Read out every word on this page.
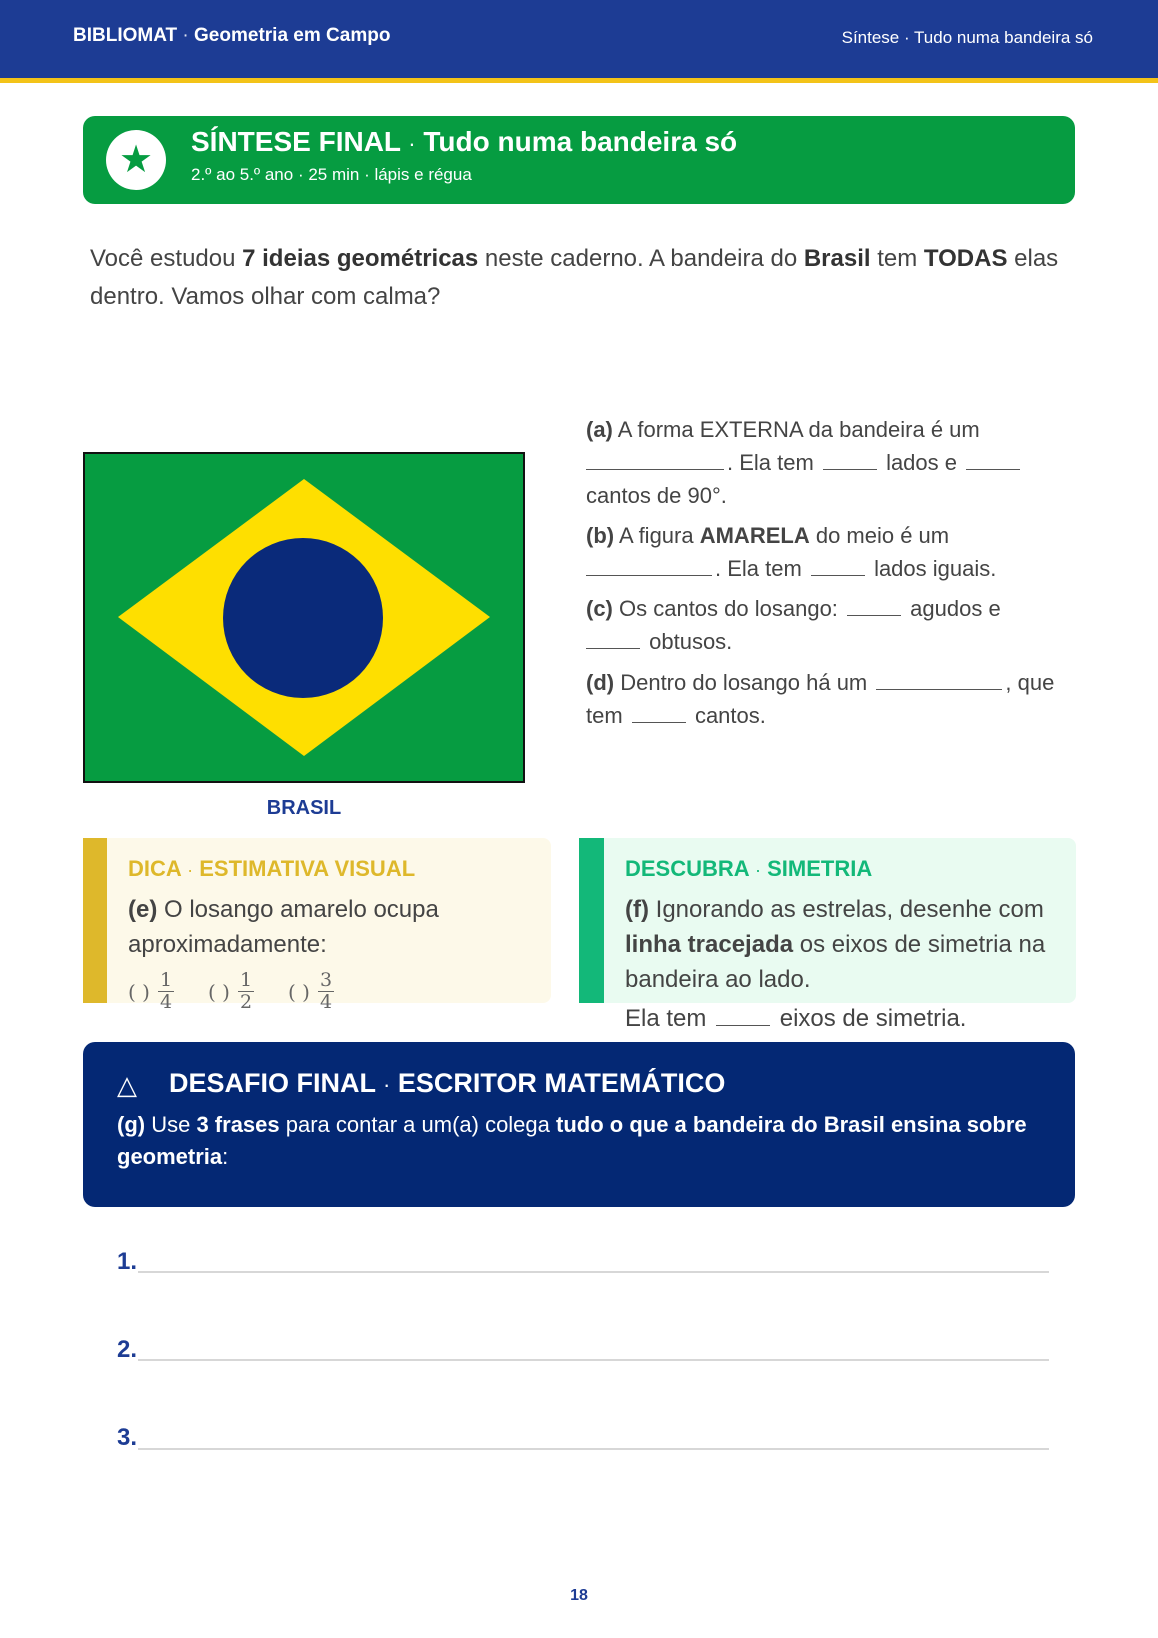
BIBLIOMAT · Geometria em Campo	Síntese · Tudo numa bandeira só
★	SÍNTESE FINAL · Tudo numa bandeira só
2.º ao 5.º ano · 25 min · lápis e régua
Você estudou 7 ideias geométricas neste caderno. A bandeira do Brasil tem TODAS elas dentro. Vamos olhar com calma?
BRASIL
(a) A forma EXTERNA da bandeira é um
. Ela tem	lados e
cantos de 90°.
(b) A figura AMARELA do meio é um
. Ela tem	lados iguais.
(c) Os cantos do losango:	agudos e
obtusos.
(d) Dentro do losango há um	, que
tem	cantos.
DICA · ESTIMATIVA VISUAL
(e) O losango amarelo ocupa aproximadamente:
( ) $\frac{1}{4}$ ( ) $\frac{1}{2}$ ( ) $\frac{3}{4}$
DESCUBRA · SIMETRIA
(f) Ignorando as estrelas, desenhe com linha tracejada os eixos de simetria na bandeira ao lado.
Ela tem	eixos de simetria.
△ DESAFIO FINAL · ESCRITOR MATEMÁTICO
(g) Use 3 frases para contar a um(a) colega tudo o que a bandeira do Brasil ensina sobre geometria:
1.
2.
3.
18
